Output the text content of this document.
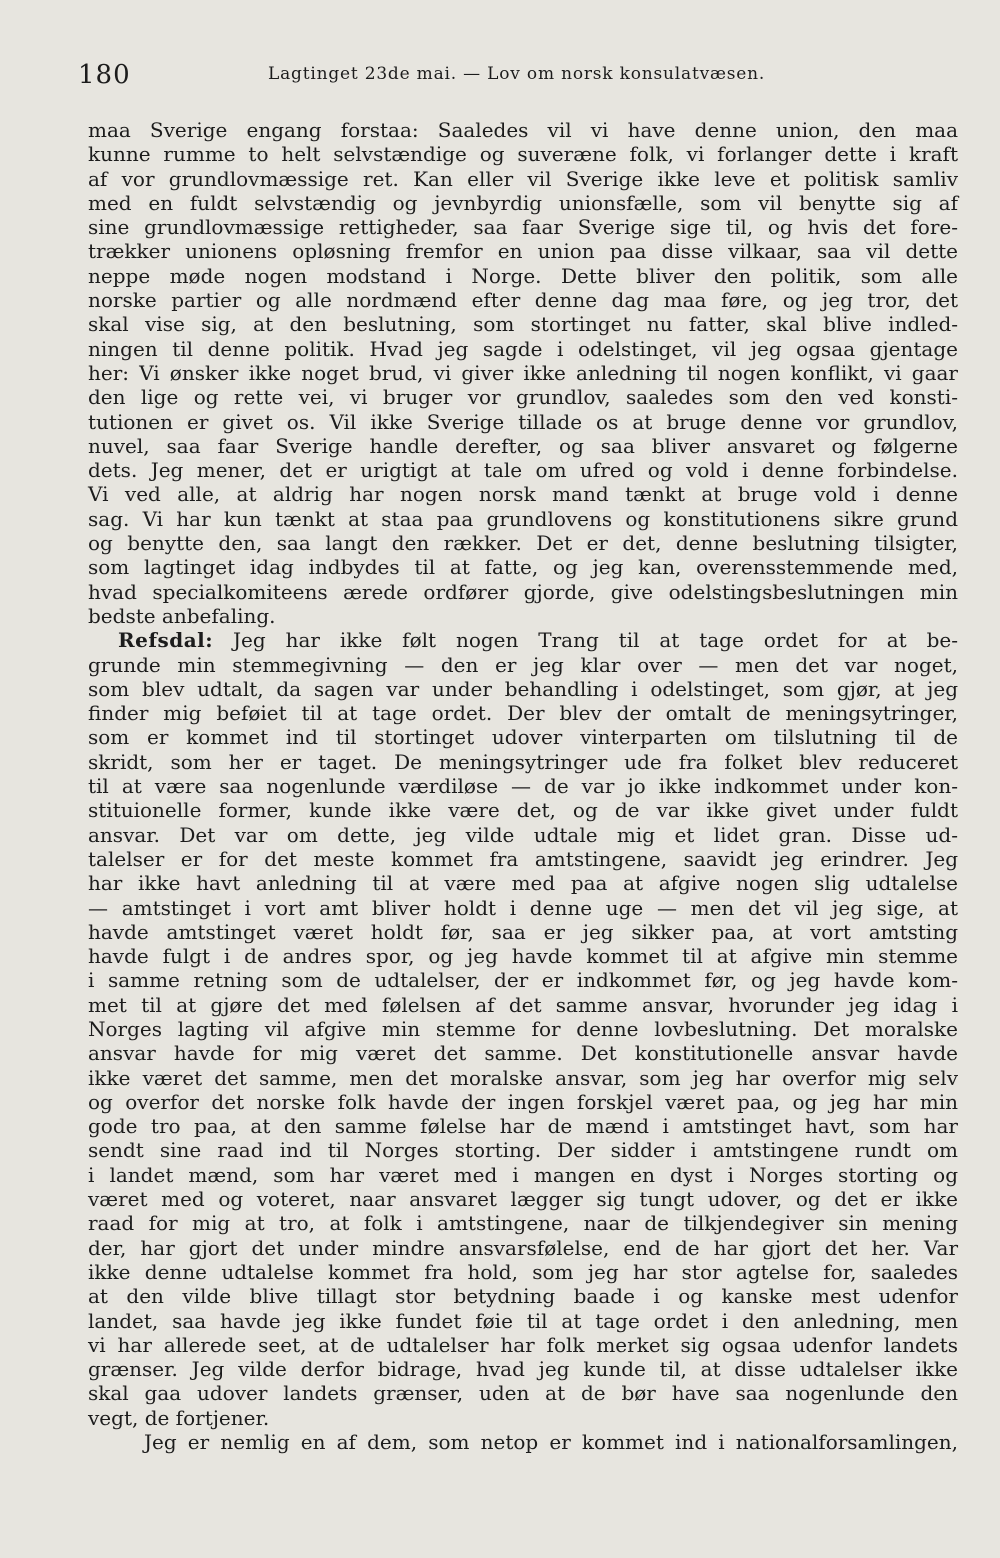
180	Lagtinget 23de mai. — Lov om norsk konsulatvæsen.
maa Sverige engang forstaa: Saaledes vil vi have denne union, den maa
kunne rumme to helt selvstændige og suveræne folk, vi forlanger dette i kraft
af vor grundlovmæssige ret. Kan eller vil Sverige ikke leve et politisk samliv
med en fuldt selvstændig og jevnbyrdig unionsfælle, som vil benytte sig af
sine grundlovmæssige rettigheder, saa faar Sverige sige til, og hvis det fore-
trækker unionens opløsning fremfor en union paa disse vilkaar, saa vil dette
neppe møde nogen modstand i Norge. Dette bliver den politik, som alle
norske partier og alle nordmænd efter denne dag maa føre, og jeg tror, det
skal vise sig, at den beslutning, som stortinget nu fatter, skal blive indled-
ningen til denne politik. Hvad jeg sagde i odelstinget, vil jeg ogsaa gjentage
her: Vi ønsker ikke noget brud, vi giver ikke anledning til nogen konflikt, vi gaar
den lige og rette vei, vi bruger vor grundlov, saaledes som den ved konsti-
tutionen er givet os. Vil ikke Sverige tillade os at bruge denne vor grundlov,
nuvel, saa faar Sverige handle derefter, og saa bliver ansvaret og følgerne
dets. Jeg mener, det er urigtigt at tale om ufred og vold i denne forbindelse.
Vi ved alle, at aldrig har nogen norsk mand tænkt at bruge vold i denne
sag. Vi har kun tænkt at staa paa grundlovens og konstitutionens sikre grund
og benytte den, saa langt den rækker. Det er det, denne beslutning tilsigter,
som lagtinget idag indbydes til at fatte, og jeg kan, overensstemmende med,
hvad specialkomiteens ærede ordfører gjorde, give odelstingsbeslutningen min
bedste anbefaling.
Refsdal: Jeg har ikke følt nogen Trang til at tage ordet for at be-
grunde min stemmegivning — den er jeg klar over — men det var noget,
som blev udtalt, da sagen var under behandling i odelstinget, som gjør, at jeg
finder mig beføiet til at tage ordet. Der blev der omtalt de meningsytringer,
som er kommet ind til stortinget udover vinterparten om tilslutning til de
skridt, som her er taget. De meningsytringer ude fra folket blev reduceret
til at være saa nogenlunde værdiløse — de var jo ikke indkommet under kon-
stituionelle former, kunde ikke være det, og de var ikke givet under fuldt
ansvar. Det var om dette, jeg vilde udtale mig et lidet gran. Disse ud-
talelser er for det meste kommet fra amtstingene, saavidt jeg erindrer. Jeg
har ikke havt anledning til at være med paa at afgive nogen slig udtalelse
— amtstinget i vort amt bliver holdt i denne uge — men det vil jeg sige, at
havde amtstinget været holdt før, saa er jeg sikker paa, at vort amtsting
havde fulgt i de andres spor, og jeg havde kommet til at afgive min stemme
i samme retning som de udtalelser, der er indkommet før, og jeg havde kom-
met til at gjøre det med følelsen af det samme ansvar, hvorunder jeg idag i
Norges lagting vil afgive min stemme for denne lovbeslutning. Det moralske
ansvar havde for mig været det samme. Det konstitutionelle ansvar havde
ikke været det samme, men det moralske ansvar, som jeg har overfor mig selv
og overfor det norske folk havde der ingen forskjel været paa, og jeg har min
gode tro paa, at den samme følelse har de mænd i amtstinget havt, som har
sendt sine raad ind til Norges storting. Der sidder i amtstingene rundt om
i landet mænd, som har været med i mangen en dyst i Norges storting og
været med og voteret, naar ansvaret lægger sig tungt udover, og det er ikke
raad for mig at tro, at folk i amtstingene, naar de tilkjendegiver sin mening
der, har gjort det under mindre ansvarsfølelse, end de har gjort det her. Var
ikke denne udtalelse kommet fra hold, som jeg har stor agtelse for, saaledes
at den vilde blive tillagt stor betydning baade i og kanske mest udenfor
landet, saa havde jeg ikke fundet føie til at tage ordet i den anledning, men
vi har allerede seet, at de udtalelser har folk merket sig ogsaa udenfor landets
grænser. Jeg vilde derfor bidrage, hvad jeg kunde til, at disse udtalelser ikke
skal gaa udover landets grænser, uden at de bør have saa nogenlunde den
vegt, de fortjener.
Jeg er nemlig en af dem, som netop er kommet ind i nationalforsamlingen,
